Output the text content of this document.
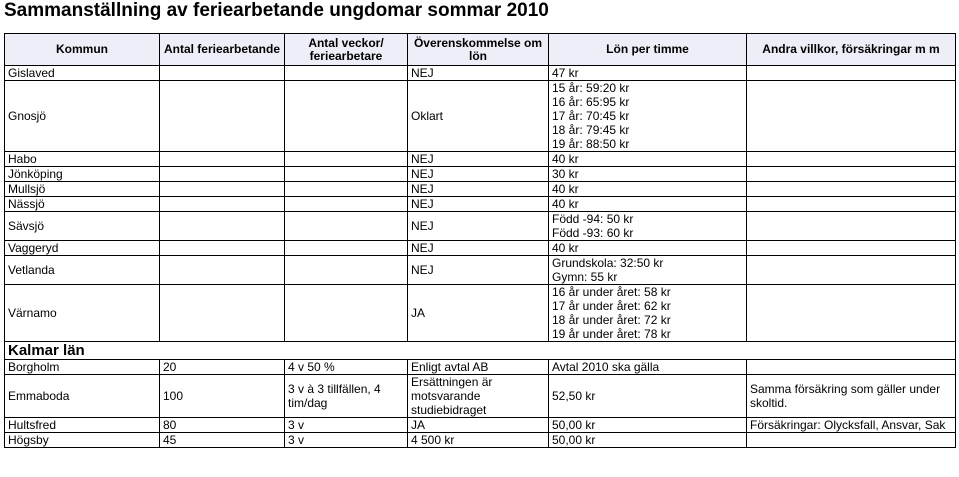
Sammanställning av feriearbetande ungdomar sommar 2010
Kommun	Antal feriearbetande	Antal veckor/ feriearbetare	Överenskommelse om lön	Lön per timme	Andra villkor, försäkringar m m
Gislaved			NEJ	47 kr	

Gnosjö			Oklart	15 år: 59:20 kr
16 år: 65:95 kr
17 år: 70:45 kr
18 år: 79:45 kr
19 år: 88:50 kr	

Habo			NEJ	40 kr	

Jönköping			NEJ	30 kr	

Mullsjö			NEJ	40 kr	

Nässjö			NEJ	40 kr	

Sävsjö			NEJ	Född -94: 50 kr
Född -93: 60 kr	

Vaggeryd			NEJ	40 kr	

Vetlanda			NEJ	Grundskola: 32:50 kr
Gymn: 55 kr	

Värnamo			JA	16 år under året: 58 kr
17 år under året: 62 kr
18 år under året: 72 kr
19 år under året: 78 kr	

Kalmar län					
Borgholm	20	4 v 50 %	Enligt avtal AB	Avtal 2010 ska gälla	

Emmaboda	100	3 v à 3 tillfällen, 4 tim/dag	Ersättningen är motsvarande studiebidraget	52,50 kr	Samma försäkring som gäller under skoltid.
Hultsfred	80	3 v	JA	50,00 kr	Försäkringar: Olycksfall, Ansvar, Sak
Högsby	45	3 v	4 500 kr	50,00 kr	
